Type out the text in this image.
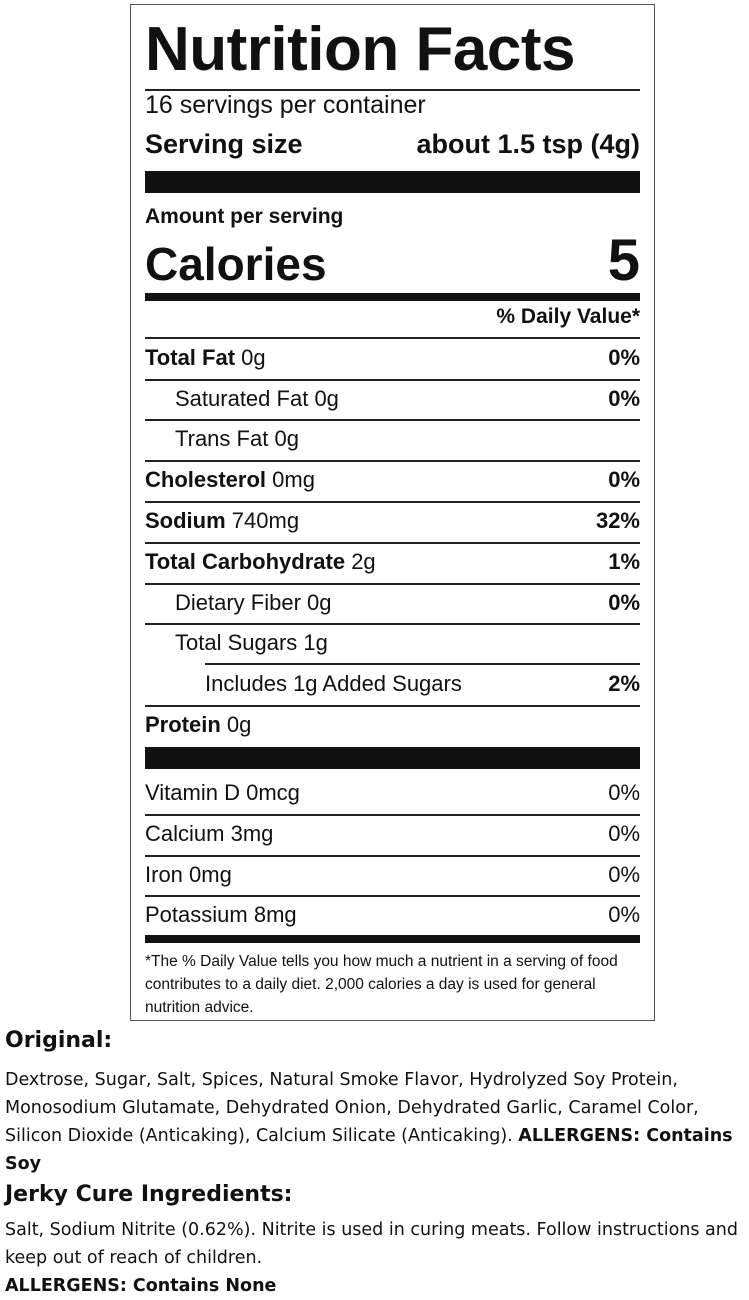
Nutrition Facts
16 servings per container
Serving size	about 1.5 tsp (4g)
Amount per serving
Calories	5
% Daily Value*
Total Fat 0g	0%
Saturated Fat 0g	0%
Trans Fat 0g
Cholesterol 0mg	0%
Sodium 740mg	32%
Total Carbohydrate 2g	1%
Dietary Fiber 0g	0%
Total Sugars 1g
Includes 1g Added Sugars	2%
Protein 0g
Vitamin D 0mcg	0%
Calcium 3mg	0%
Iron 0mg	0%
Potassium 8mg	0%
*The % Daily Value tells you how much a nutrient in a serving of food contributes to a daily diet. 2,000 calories a day is used for general nutrition advice.
Original:
Dextrose, Sugar, Salt, Spices, Natural Smoke Flavor, Hydrolyzed Soy Protein, Monosodium Glutamate, Dehydrated Onion, Dehydrated Garlic, Caramel Color, Silicon Dioxide (Anticaking), Calcium Silicate (Anticaking). ALLERGENS: Contains Soy
Jerky Cure Ingredients:
Salt, Sodium Nitrite (0.62%). Nitrite is used in curing meats. Follow instructions and keep out of reach of children.
ALLERGENS: Contains None
